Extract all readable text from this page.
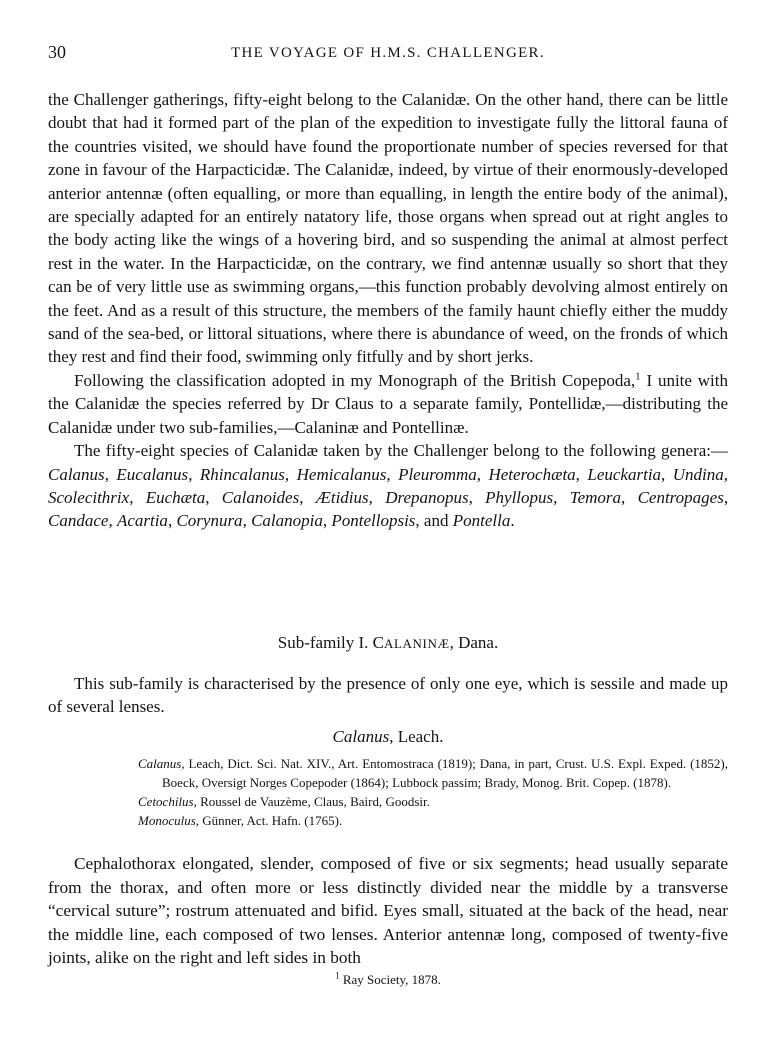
30	THE VOYAGE OF H.M.S. CHALLENGER.

the Challenger gatherings, fifty-eight belong to the Calanidæ. On the other hand, there can be little doubt that had it formed part of the plan of the expedition to investigate fully the littoral fauna of the countries visited, we should have found the proportionate number of species reversed for that zone in favour of the Harpacticidæ. The Calanidæ, indeed, by virtue of their enormously-developed anterior antennæ (often equalling, or more than equalling, in length the entire body of the animal), are specially adapted for an entirely natatory life, those organs when spread out at right angles to the body acting like the wings of a hovering bird, and so suspending the animal at almost perfect rest in the water. In the Harpacticidæ, on the contrary, we find antennæ usually so short that they can be of very little use as swimming organs,—this function probably devolving almost entirely on the feet. And as a result of this structure, the members of the family haunt chiefly either the muddy sand of the sea-bed, or littoral situations, where there is abundance of weed, on the fronds of which they rest and find their food, swimming only fitfully and by short jerks.

Following the classification adopted in my Monograph of the British Copepoda,$^1$ I unite with the Calanidæ the species referred by Dr Claus to a separate family, Pontellidæ,—distributing the Calanidæ under two sub-families,—Calaninæ and Pontellinæ.

The fifty-eight species of Calanidæ taken by the Challenger belong to the following genera:—Calanus, Eucalanus, Rhincalanus, Hemicalanus, Pleuromma, Heterochæta, Leuckartia, Undina, Scolecithrix, Euchæta, Calanoides, Ætidius, Drepanopus, Phyllopus, Temora, Centropages, Candace, Acartia, Corynura, Calanopia, Pontellopsis, and Pontella.

Sub-family I. CALANINÆ, Dana.

This sub-family is characterised by the presence of only one eye, which is sessile and made up of several lenses.

Calanus, Leach.

Calanus, Leach, Dict. Sci. Nat. XIV., Art. Entomostraca (1819); Dana, in part, Crust. U.S. Expl. Exped. (1852), Boeck, Oversigt Norges Copepoder (1864); Lubbock passim; Brady, Monog. Brit. Copep. (1878).

Cetochilus, Roussel de Vauzème, Claus, Baird, Goodsir.

Monoculus, Günner, Act. Hafn. (1765).

Cephalothorax elongated, slender, composed of five or six segments; head usually separate from the thorax, and often more or less distinctly divided near the middle by a transverse “cervical suture”; rostrum attenuated and bifid. Eyes small, situated at the back of the head, near the middle line, each composed of two lenses. Anterior antennæ long, composed of twenty-five joints, alike on the right and left sides in both

$^1$ Ray Society, 1878.
